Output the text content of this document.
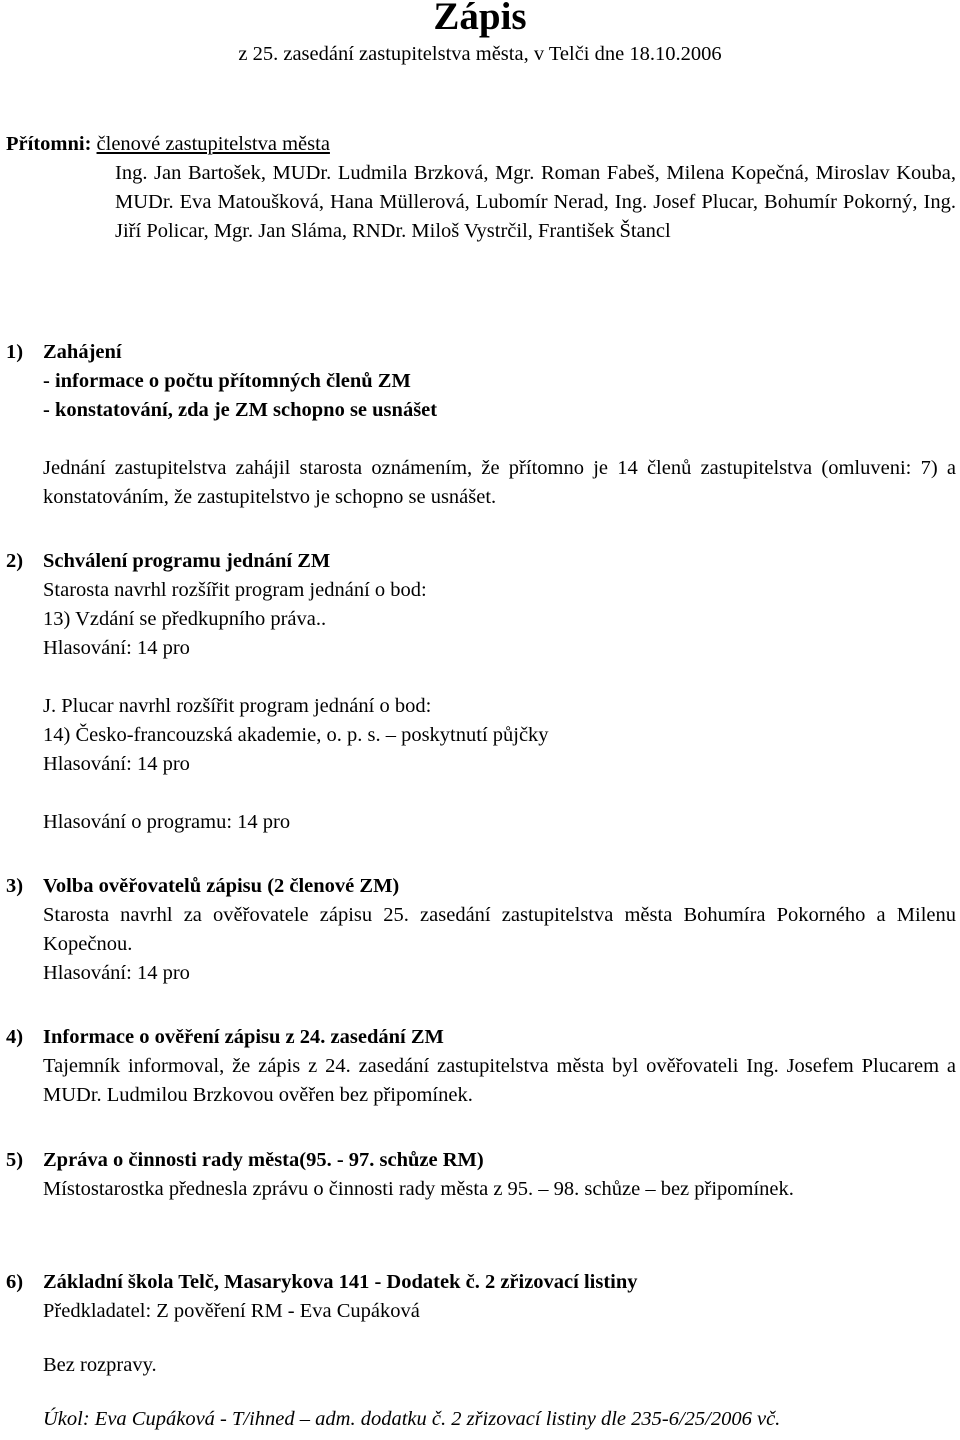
Zápis
z 25. zasedání zastupitelstva města, v Telči dne 18.10.2006
Přítomni: členové zastupitelstva města
Ing. Jan Bartošek, MUDr. Ludmila Brzková, Mgr. Roman Fabeš, Milena Kopečná, Miroslav Kouba, MUDr. Eva Matoušková, Hana Müllerová, Lubomír Nerad, Ing. Josef Plucar, Bohumír Pokorný, Ing. Jiří Policar, Mgr. Jan Sláma, RNDr. Miloš Vystrčil, František Štancl
1) Zahájení

- informace o počtu přítomných členů ZM

- konstatování, zda je ZM schopno se usnášet

Jednání zastupitelstva zahájil starosta oznámením, že přítomno je 14 členů zastupitelstva (omluveni: 7) a konstatováním, že zastupitelstvo je schopno se usnášet.

2) Schválení programu jednání ZM

Starosta navrhl rozšířit program jednání o bod:

13) Vzdání se předkupního práva..

Hlasování: 14 pro

J. Plucar navrhl rozšířit program jednání o bod:

14) Česko-francouzská akademie, o. p. s. – poskytnutí půjčky

Hlasování: 14 pro

Hlasování o programu: 14 pro

3) Volba ověřovatelů zápisu (2 členové ZM)

Starosta navrhl za ověřovatele zápisu 25. zasedání zastupitelstva města Bohumíra Pokorného a Milenu Kopečnou.

Hlasování: 14 pro

4) Informace o ověření zápisu z 24. zasedání ZM

Tajemník informoval, že zápis z 24. zasedání zastupitelstva města byl ověřovateli Ing. Josefem Plucarem a MUDr. Ludmilou Brzkovou ověřen bez připomínek.

5) Zpráva o činnosti rady města(95. - 97. schůze RM)

Místostarostka přednesla zprávu o činnosti rady města z 95. – 98. schůze – bez připomínek.

6) Základní škola Telč, Masarykova 141 - Dodatek č. 2 zřizovací listiny

Předkladatel: Z pověření RM - Eva Cupáková

Bez rozpravy.

Úkol: Eva Cupáková - T/ihned – adm. dodatku č. 2 zřizovací listiny dle 235-6/25/2006 vč.
